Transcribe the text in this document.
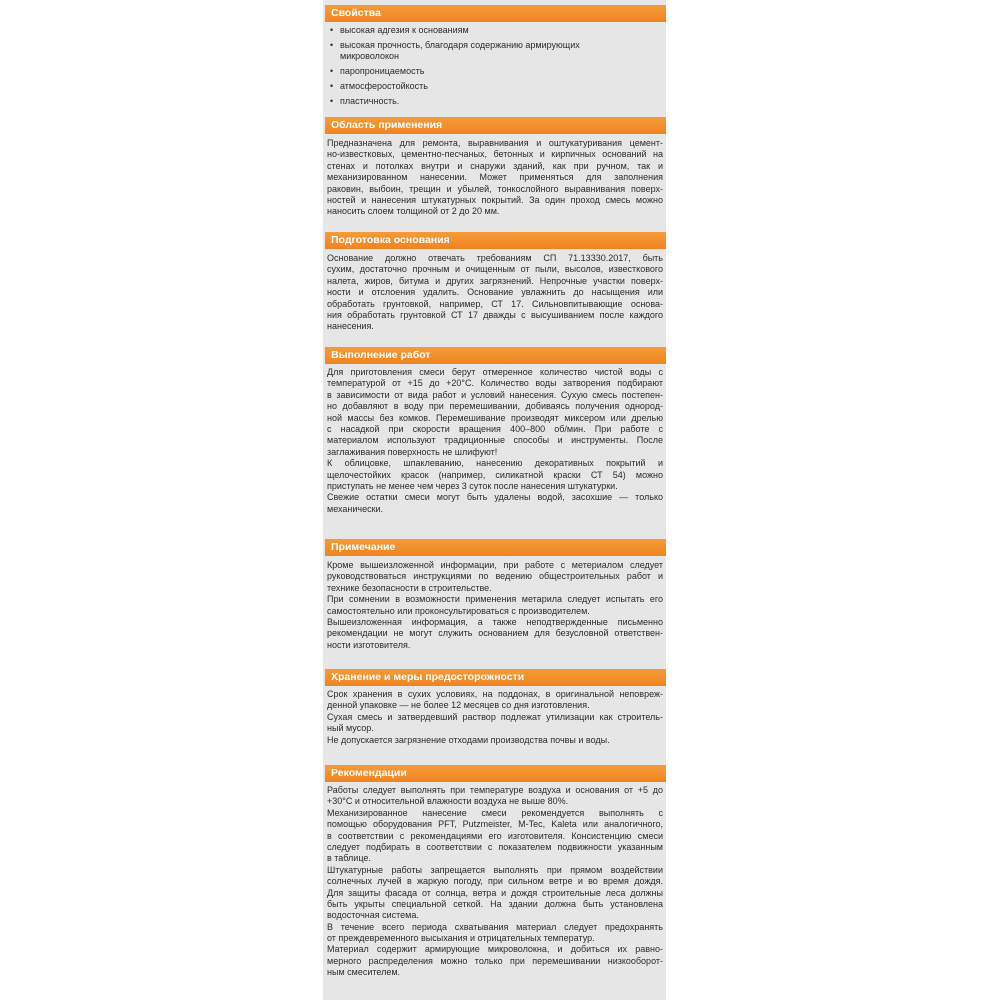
Свойства
• высокая адгезия к основаниям
• высокая прочность, благодаря содержанию армирующих
микроволокон
• паропроницаемость
• атмосферостойкость
• пластичность.
Область применения
Предназначена для ремонта, выравнивания и оштукатуривания цемент-
но-известковых, цементно-песчаных, бетонных и кирпичных оснований на
стенах и потолках внутри и снаружи зданий, как при ручном, так и
механизированном нанесении. Может применяться для заполнения
раковин, выбоин, трещин и убылей, тонкослойного выравнивания поверх-
ностей и нанесения штукатурных покрытий. За один проход смесь можно
наносить слоем толщиной от 2 до 20 мм.
Подготовка основания
Основание должно отвечать требованиям СП 71.13330.2017, быть
сухим, достаточно прочным и очищенным от пыли, высолов, известкового
налета, жиров, битума и других загрязнений. Непрочные участки поверх-
ности и отслоения удалить. Основание увлажнить до насыщения или
обработать грунтовкой, например, СТ 17. Сильновпитывающие основа-
ния обработать грунтовкой СТ 17 дважды с высушиванием после каждого
нанесения.
Выполнение работ
Для приготовления смеси берут отмеренное количество чистой воды с
температурой от +15 до +20°С. Количество воды затворения подбирают
в зависимости от вида работ и условий нанесения. Сухую смесь постепен-
но добавляют в воду при перемешивании, добиваясь получения однород-
ной массы без комков. Перемешивание производят миксером или дрелью
с насадкой при скорости вращения 400–800 об/мин. При работе с
материалом используют традиционные способы и инструменты. После
заглаживания поверхность не шлифуют!
К облицовке, шпаклеванию, нанесению декоративных покрытий и
щелочестойких красок (например, силикатной краски СТ 54) можно
приступать не менее чем через 3 суток после нанесения штукатурки.
Свежие остатки смеси могут быть удалены водой, засохшие — только
механически.
Примечание
Кроме вышеизложенной информации, при работе с метериалом следует
руководствоваться инструкциями по ведению общестроительных работ и
технике безопасности в строительстве.
При сомнении в возможности применения метарила следует испытать его
самостоятельно или проконсультироваться с производителем.
Вышеизложенная информация, а также неподтвержденные письменно
рекомендации не могут служить основанием для безусловной ответствен-
ности изготовителя.
Хранение и меры предосторожности
Срок хранения в сухих условиях, на поддонах, в оригинальной неповреж-
денной упаковке — не более 12 месяцев со дня изготовления.
Сухая смесь и затвердевший раствор подлежат утилизации как строитель-
ный мусор.
Не допускается загрязнение отходами производства почвы и воды.
Рекомендации
Работы следует выполнять при температуре воздуха и основания от +5 до
+30°С и относительной влажности воздуха не выше 80%.
Механизированное нанесение смеси рекомендуется выполнять с
помощью оборудования PFT, Putzmeister, M-Tec, Kaleta или аналогичного,
в соответствии с рекомендациями его изготовителя. Консистенцию смеси
следует подбирать в соответствии с показателем подвижности указанным
в таблице.
Штукатурные работы запрещается выполнять при прямом воздействии
солнечных лучей в жаркую погоду, при сильном ветре и во время дождя.
Для защиты фасада от солнца, ветра и дождя строительные леса должны
быть укрыты специальной сеткой. На здании должна быть установлена
водосточная система.
В течение всего периода схватывания материал следует предохранять
от преждевременного высыхания и отрицательных температур.
Материал содержит армирующие микроволокна, и добиться их равно-
мерного распределения можно только при перемешивании низкооборот-
ным смесителем.
